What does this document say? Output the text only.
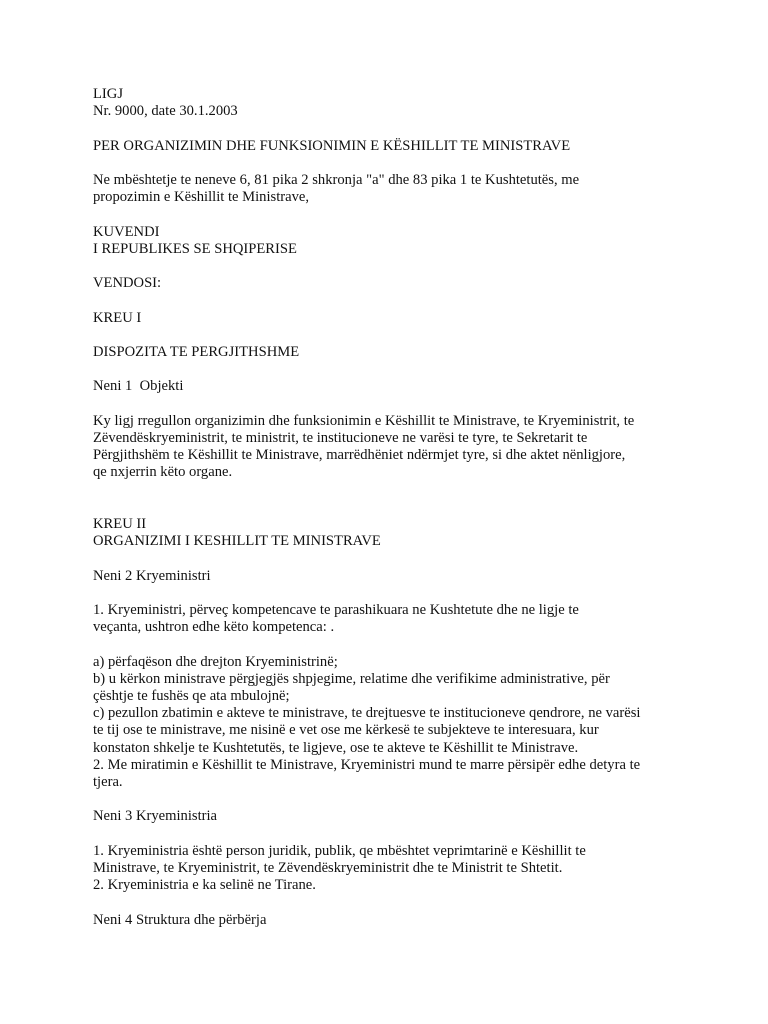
LIGJ
Nr. 9000, date 30.1.2003
PER ORGANIZIMIN DHE FUNKSIONIMIN E KËSHILLIT TE MINISTRAVE
Ne mbështetje te neneve 6, 81 pika 2 shkronja "a" dhe 83 pika 1 te Kushtetutës, me
propozimin e Këshillit te Ministrave,
KUVENDI
I REPUBLIKES SE SHQIPERISE
VENDOSI:
KREU I
DISPOZITA TE PERGJITHSHME
Neni 1  Objekti
Ky ligj rregullon organizimin dhe funksionimin e Këshillit te Ministrave, te Kryeministrit, te
Zëvendëskryeministrit, te ministrit, te institucioneve ne varësi te tyre, te Sekretarit te
Përgjithshëm te Këshillit te Ministrave, marrëdhëniet ndërmjet tyre, si dhe aktet nënligjore,
qe nxjerrin këto organe.
KREU II
ORGANIZIMI I KESHILLIT TE MINISTRAVE
Neni 2 Kryeministri
1. Kryeministri, përveç kompetencave te parashikuara ne Kushtetute dhe ne ligje te
veçanta, ushtron edhe këto kompetenca: .
a) përfaqëson dhe drejton Kryeministrinë;
b) u kërkon ministrave përgjegjës shpjegime, relatime dhe verifikime administrative, për
çështje te fushës qe ata mbulojnë;
c) pezullon zbatimin e akteve te ministrave, te drejtuesve te institucioneve qendrore, ne varësi
te tij ose te ministrave, me nisinë e vet ose me kërkesë te subjekteve te interesuara, kur
konstaton shkelje te Kushtetutës, te ligjeve, ose te akteve te Këshillit te Ministrave.
2. Me miratimin e Këshillit te Ministrave, Kryeministri mund te marre përsipër edhe detyra te
tjera.
Neni 3 Kryeministria
1. Kryeministria është person juridik, publik, qe mbështet veprimtarinë e Këshillit te
Ministrave, te Kryeministrit, te Zëvendëskryeministrit dhe te Ministrit te Shtetit.
2. Kryeministria e ka selinë ne Tirane.
Neni 4 Struktura dhe përbërja
